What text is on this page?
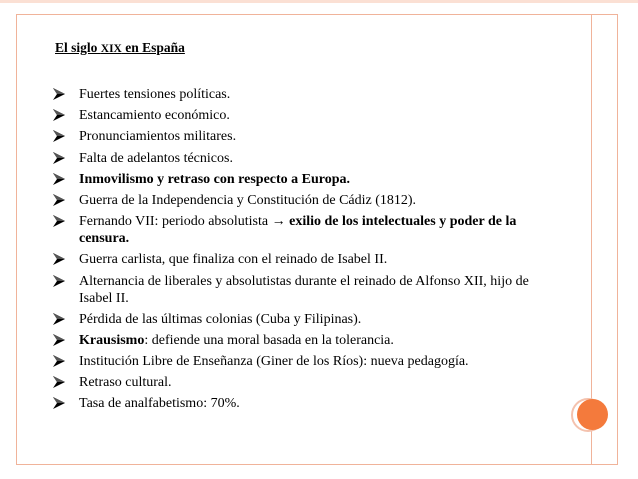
El siglo XIX en España
Fuertes tensiones políticas.
Estancamiento económico.
Pronunciamientos militares.
Falta de adelantos técnicos.
Inmovilismo y retraso con respecto a Europa.
Guerra de la Independencia y Constitución de Cádiz (1812).
Fernando VII: periodo absolutista → exilio de los intelectuales y poder de la censura.
Guerra carlista, que finaliza con el reinado de Isabel II.
Alternancia de liberales y absolutistas durante el reinado de Alfonso XII, hijo de Isabel II.
Pérdida de las últimas colonias (Cuba y Filipinas).
Krausismo: defiende una moral basada en la tolerancia.
Institución Libre de Enseñanza (Giner de los Ríos): nueva pedagogía.
Retraso cultural.
Tasa de analfabetismo: 70%.
